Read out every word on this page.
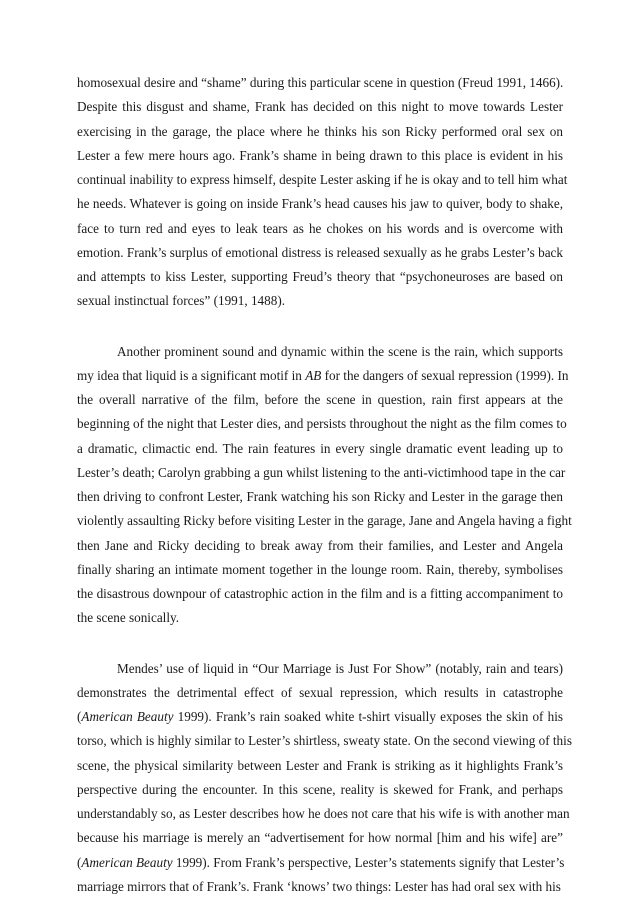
homosexual desire and “shame” during this particular scene in question (Freud 1991, 1466).
Despite this disgust and shame, Frank has decided on this night to move towards Lester
exercising in the garage, the place where he thinks his son Ricky performed oral sex on
Lester a few mere hours ago. Frank’s shame in being drawn to this place is evident in his
continual inability to express himself, despite Lester asking if he is okay and to tell him what
he needs. Whatever is going on inside Frank’s head causes his jaw to quiver, body to shake,
face to turn red and eyes to leak tears as he chokes on his words and is overcome with
emotion. Frank’s surplus of emotional distress is released sexually as he grabs Lester’s back
and attempts to kiss Lester, supporting Freud’s theory that “psychoneuroses are based on
sexual instinctual forces” (1991, 1488).

Another prominent sound and dynamic within the scene is the rain, which supports
my idea that liquid is a significant motif in AB for the dangers of sexual repression (1999). In
the overall narrative of the film, before the scene in question, rain first appears at the
beginning of the night that Lester dies, and persists throughout the night as the film comes to
a dramatic, climactic end. The rain features in every single dramatic event leading up to
Lester’s death; Carolyn grabbing a gun whilst listening to the anti-victimhood tape in the car
then driving to confront Lester, Frank watching his son Ricky and Lester in the garage then
violently assaulting Ricky before visiting Lester in the garage, Jane and Angela having a fight
then Jane and Ricky deciding to break away from their families, and Lester and Angela
finally sharing an intimate moment together in the lounge room. Rain, thereby, symbolises
the disastrous downpour of catastrophic action in the film and is a fitting accompaniment to
the scene sonically.

Mendes’ use of liquid in “Our Marriage is Just For Show” (notably, rain and tears)
demonstrates the detrimental effect of sexual repression, which results in catastrophe
(American Beauty 1999). Frank’s rain soaked white t-shirt visually exposes the skin of his
torso, which is highly similar to Lester’s shirtless, sweaty state. On the second viewing of this
scene, the physical similarity between Lester and Frank is striking as it highlights Frank’s
perspective during the encounter. In this scene, reality is skewed for Frank, and perhaps
understandably so, as Lester describes how he does not care that his wife is with another man
because his marriage is merely an “advertisement for how normal [him and his wife] are”
(American Beauty 1999). From Frank’s perspective, Lester’s statements signify that Lester’s
marriage mirrors that of Frank’s. Frank ‘knows’ two things: Lester has had oral sex with his
